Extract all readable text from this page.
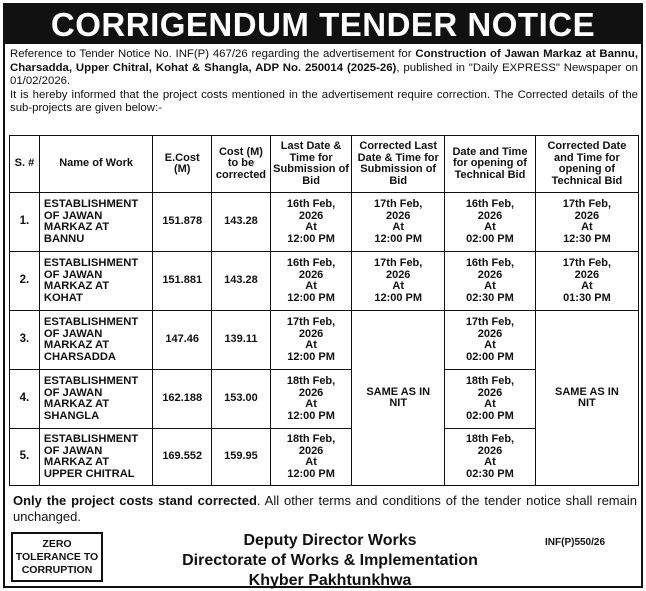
CORRIGENDUM TENDER NOTICE
Reference to Tender Notice No. INF(P) 467/26 regarding the advertisement for Construction of Jawan Markaz at Bannu, Charsadda, Upper Chitral, Kohat & Shangla, ADP No. 250014 (2025-26), published in "Daily EXPRESS" Newspaper on 01/02/2026.
It is hereby informed that the project costs mentioned in the advertisement require correction. The Corrected details of the sub-projects are given below:-
S. #	Name of Work	E.Cost (M)	Cost (M) to be corrected	Last Date & Time for Submission of Bid	Corrected Last Date & Time for Submission of Bid	Date and Time for opening of Technical Bid	Corrected Date and Time for opening of Technical Bid
1.	ESTABLISHMENT OF JAWAN MARKAZ AT BANNU	151.878	143.28	16th Feb,
2026
At
12:00 PM	17th Feb,
2026
At
12:00 PM	16th Feb,
2026
At
02:00 PM	17th Feb,
2026
At
12:30 PM
2.	ESTABLISHMENT OF JAWAN MARKAZ AT KOHAT	151.881	143.28	16th Feb,
2026
At
12:00 PM	17th Feb,
2026
At
12:00 PM	16th Feb,
2026
At
02:30 PM	17th Feb,
2026
At
01:30 PM
3.	ESTABLISHMENT OF JAWAN MARKAZ AT CHARSADDA	147.46	139.11	17th Feb,
2026
At
12:00 PM	SAME AS IN
NIT	17th Feb,
2026
At
02:00 PM	SAME AS IN
NIT
4.	ESTABLISHMENT OF JAWAN MARKAZ AT SHANGLA	162.188	153.00	18th Feb,
2026
At
12:00 PM		18th Feb,
2026
At
02:00 PM	
5.	ESTABLISHMENT OF JAWAN MARKAZ AT UPPER CHITRAL	169.552	159.95	18th Feb,
2026
At
12:00 PM		18th Feb,
2026
At
02:30 PM	
Only the project costs stand corrected. All other terms and conditions of the tender notice shall remain unchanged.
ZERO
TOLERANCE TO
CORRUPTION
Deputy Director Works
Directorate of Works & Implementation
Khyber Pakhtunkhwa
INF(P)550/26
